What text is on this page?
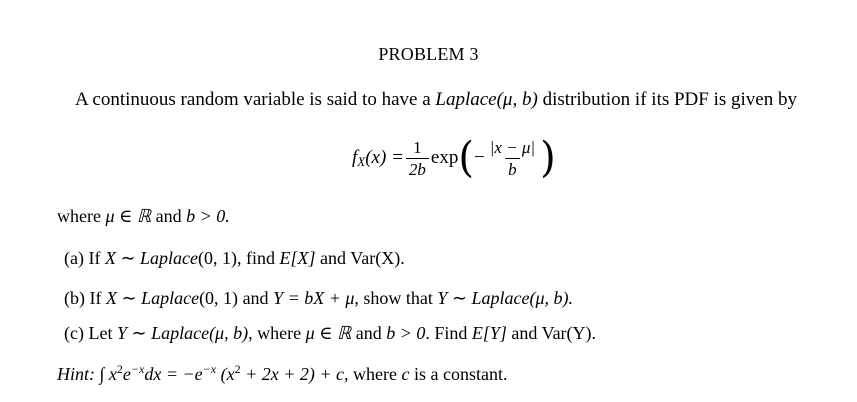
PROBLEM 3
A continuous random variable is said to have a Laplace(μ, b) distribution if its PDF is given by
f X $(x) = \frac{1}{2b}$ exp ( − $\frac{|x - \mu|}{b}$ )
where μ ∈ ℝ and b > 0.
(a) If X ∼ Laplace(0, 1), find E[X] and Var(X).
(b) If X ∼ Laplace(0, 1) and Y = bX + μ, show that Y ∼ Laplace(μ, b).
(c) Let Y ∼ Laplace(μ, b), where μ ∈ ℝ and b > 0. Find E[Y] and Var(Y).
Hint: ∫ $x^2e^{-x}dx = -e^{-x}$ $(x^2 + 2x + 2) + c$, where c is a constant.
